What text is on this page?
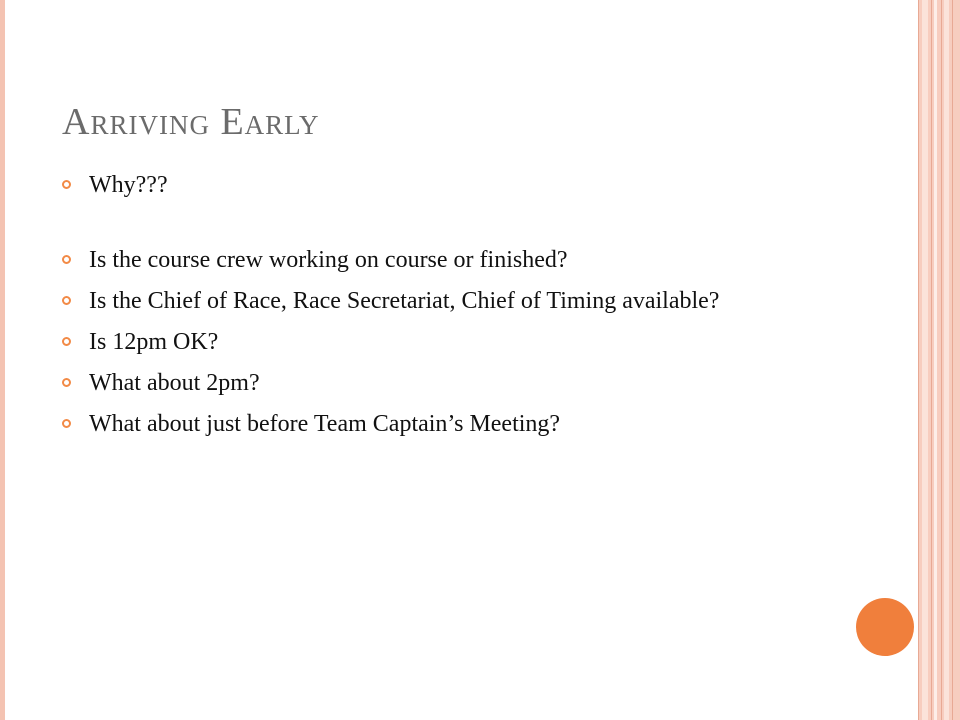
Arriving Early
Why???
Is the course crew working on course or finished?
Is the Chief of Race, Race Secretariat, Chief of Timing available?
Is 12pm OK?
What about 2pm?
What about just before Team Captain’s Meeting?
